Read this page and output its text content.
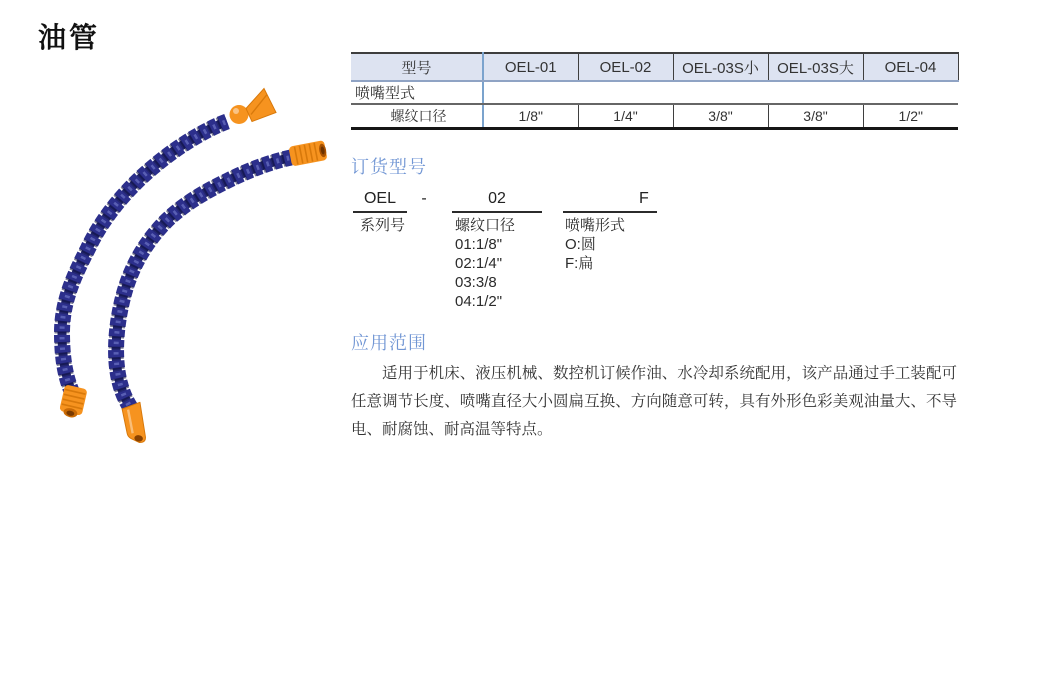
油管
型号	OEL-01	OEL-02	OEL-03S小	OEL-03S大	OEL-04
喷嘴型式					
螺纹口径	1/8"	1/4"	3/8"	3/8"	1/2"
订货型号
OEL	-	02	F
系列号	螺纹口径
01:1/8"
02:1/4"
03:3/8
04:1/2"
喷嘴形式
O:圆
F:扁
应用范围
适用于机床、液压机械、数控机订候作油、水冷却系统配用，该产品通过手工装配可任意调节长度、喷嘴直径大小圆扁互换、方向随意可转，具有外形色彩美观油量大、不导电、耐腐蚀、耐高温等特点。
